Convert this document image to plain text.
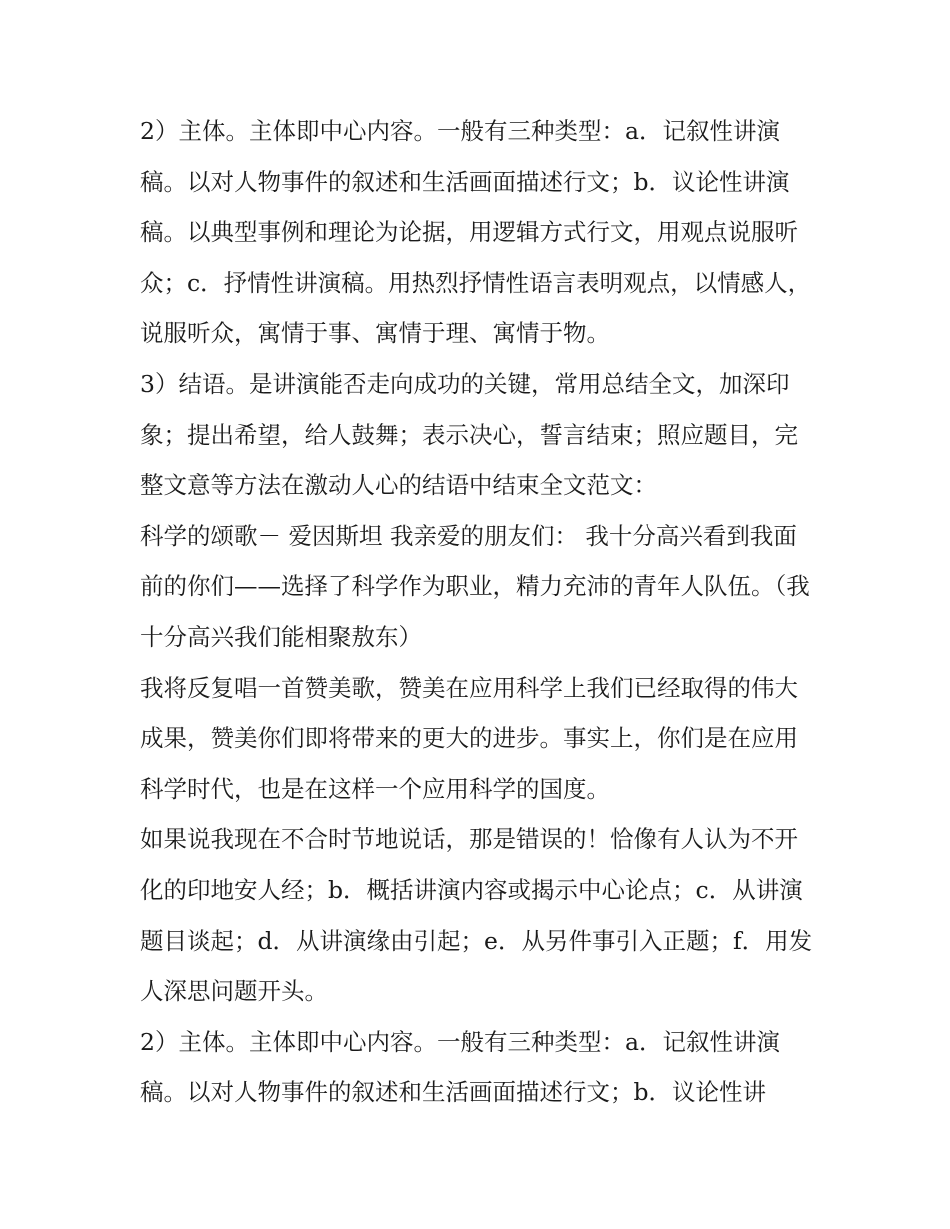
2）主体。主体即中心内容。一般有三种类型：a．记叙性讲演稿。以对人物事件的叙述和生活画面描述行文；b．议论性讲演稿。以典型事例和理论为论据，用逻辑方式行文，用观点说服听众；c．抒情性讲演稿。用热烈抒情性语言表明观点，以情感人，说服听众，寓情于事、寓情于理、寓情于物。

3）结语。是讲演能否走向成功的关键，常用总结全文，加深印象；提出希望，给人鼓舞；表示决心，誓言结束；照应题目，完整文意等方法在激动人心的结语中结束全文范文：

科学的颂歌－ 爱因斯坦 我亲爱的朋友们： 我十分高兴看到我面前的你们——选择了科学作为职业，精力充沛的青年人队伍。（我十分高兴我们能相聚敖东）

我将反复唱一首赞美歌，赞美在应用科学上我们已经取得的伟大成果，赞美你们即将带来的更大的进步。事实上，你们是在应用科学时代，也是在这样一个应用科学的国度。

如果说我现在不合时节地说话，那是错误的！恰像有人认为不开化的印地安人经；b．概括讲演内容或揭示中心论点；c．从讲演题目谈起；d．从讲演缘由引起；e．从另件事引入正题；f．用发人深思问题开头。

2）主体。主体即中心内容。一般有三种类型：a．记叙性讲演稿。以对人物事件的叙述和生活画面描述行文；b．议论性讲
